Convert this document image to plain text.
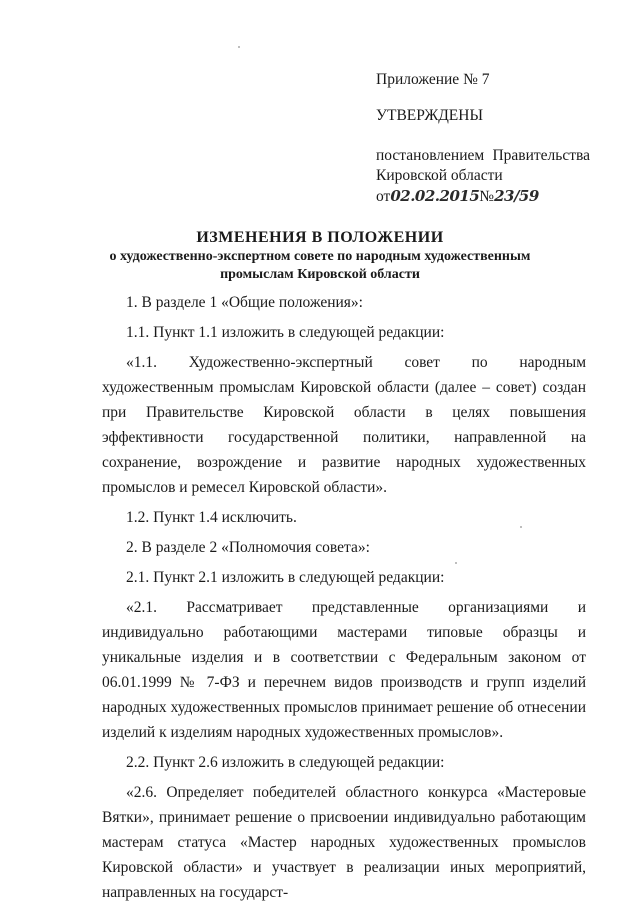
Приложение № 7
УТВЕРЖДЕНЫ
постановлением Правительства
Кировской области
от02.02.2015№23/59
ИЗМЕНЕНИЯ В ПОЛОЖЕНИИ
о художественно-экспертном совете по народным художественным
промыслам Кировской области

1. В разделе 1 «Общие положения»:

1.1. Пункт 1.1 изложить в следующей редакции:

«1.1. Художественно-экспертный совет по народным художественным промыслам Кировской области (далее – совет) создан при Правительстве Кировской области в целях повышения эффективности государственной политики, направленной на сохранение, возрождение и развитие народных художественных промыслов и ремесел Кировской области».

1.2. Пункт 1.4 исключить.

2. В разделе 2 «Полномочия совета»:

2.1. Пункт 2.1 изложить в следующей редакции:

«2.1. Рассматривает представленные организациями и индивидуально работающими мастерами типовые образцы и уникальные изделия и в соответствии с Федеральным законом от 06.01.1999 № 7-ФЗ и перечнем видов производств и групп изделий народных художественных промыслов принимает решение об отнесении изделий к изделиям народных художественных промыслов».

2.2. Пункт 2.6 изложить в следующей редакции:

«2.6. Определяет победителей областного конкурса «Мастеровые Вятки», принимает решение о присвоении индивидуально работающим мастерам статуса «Мастер народных художественных промыслов Кировской области» и участвует в реализации иных мероприятий, направленных на государст-
